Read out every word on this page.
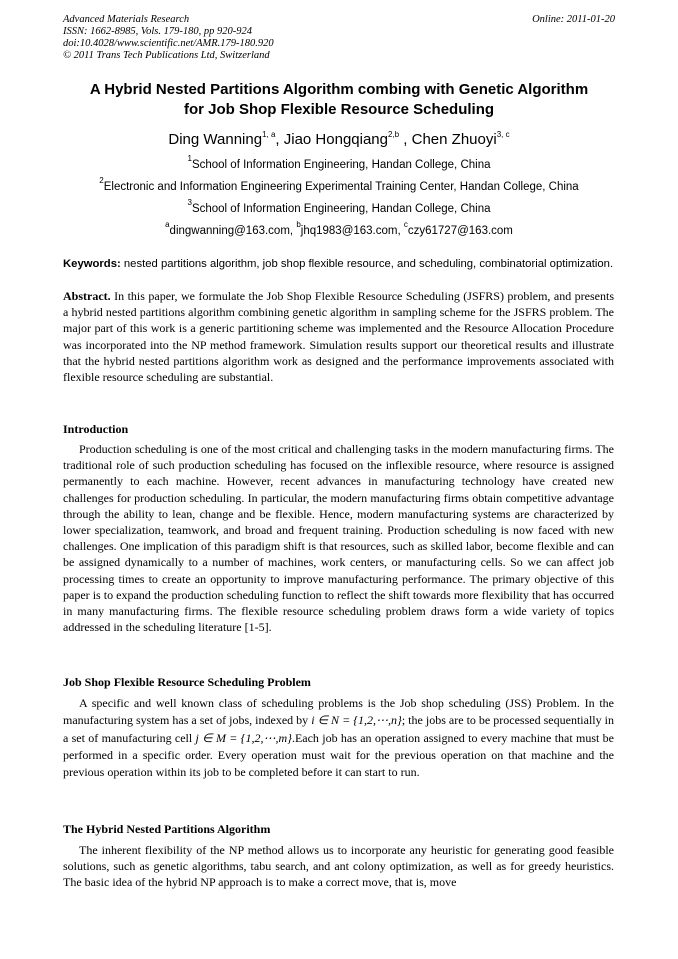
Advanced Materials Research
ISSN: 1662-8985, Vols. 179-180, pp 920-924
doi:10.4028/www.scientific.net/AMR.179-180.920
© 2011 Trans Tech Publications Ltd, Switzerland
Online: 2011-01-20
A Hybrid Nested Partitions Algorithm combing with Genetic Algorithm
for Job Shop Flexible Resource Scheduling
Ding Wanning$^{1, a}$, Jiao Hongqiang$^{2,b}$ , Chen Zhuoyi$^{3, c}$
$^1$School of Information Engineering, Handan College, China
$^2$Electronic and Information Engineering Experimental Training Center, Handan College, China
$^3$School of Information Engineering, Handan College, China
$^a$dingwanning@163.com, $^b$jhq1983@163.com, $^c$czy61727@163.com
Keywords: nested partitions algorithm, job shop flexible resource, and scheduling, combinatorial optimization.
Abstract. In this paper, we formulate the Job Shop Flexible Resource Scheduling (JSFRS) problem, and presents a hybrid nested partitions algorithm combining genetic algorithm in sampling scheme for the JSFRS problem. The major part of this work is a generic partitioning scheme was implemented and the Resource Allocation Procedure was incorporated into the NP method framework. Simulation results support our theoretical results and illustrate that the hybrid nested partitions algorithm work as designed and the performance improvements associated with flexible resource scheduling are substantial.
Introduction
Production scheduling is one of the most critical and challenging tasks in the modern manufacturing firms. The traditional role of such production scheduling has focused on the inflexible resource, where resource is assigned permanently to each machine. However, recent advances in manufacturing technology have created new challenges for production scheduling. In particular, the modern manufacturing firms obtain competitive advantage through the ability to lean, change and be flexible. Hence, modern manufacturing systems are characterized by lower specialization, teamwork, and broad and frequent training. Production scheduling is now faced with new challenges. One implication of this paradigm shift is that resources, such as skilled labor, become flexible and can be assigned dynamically to a number of machines, work centers, or manufacturing cells. So we can affect job processing times to create an opportunity to improve manufacturing performance. The primary objective of this paper is to expand the production scheduling function to reflect the shift towards more flexibility that has occurred in many manufacturing firms. The flexible resource scheduling problem draws form a wide variety of topics addressed in the scheduling literature [1-5].
Job Shop Flexible Resource Scheduling Problem
A specific and well known class of scheduling problems is the Job shop scheduling (JSS) Problem. In the manufacturing system has a set of jobs, indexed by i ∈ N = {1,2,⋯,n}; the jobs are to be processed sequentially in a set of manufacturing cell j ∈ M = {1,2,⋯,m}.Each job has an operation assigned to every machine that must be performed in a specific order. Every operation must wait for the previous operation on that machine and the previous operation within its job to be completed before it can start to run.
The Hybrid Nested Partitions Algorithm
The inherent flexibility of the NP method allows us to incorporate any heuristic for generating good feasible solutions, such as genetic algorithms, tabu search, and ant colony optimization, as well as for greedy heuristics. The basic idea of the hybrid NP approach is to make a correct move, that is, move
